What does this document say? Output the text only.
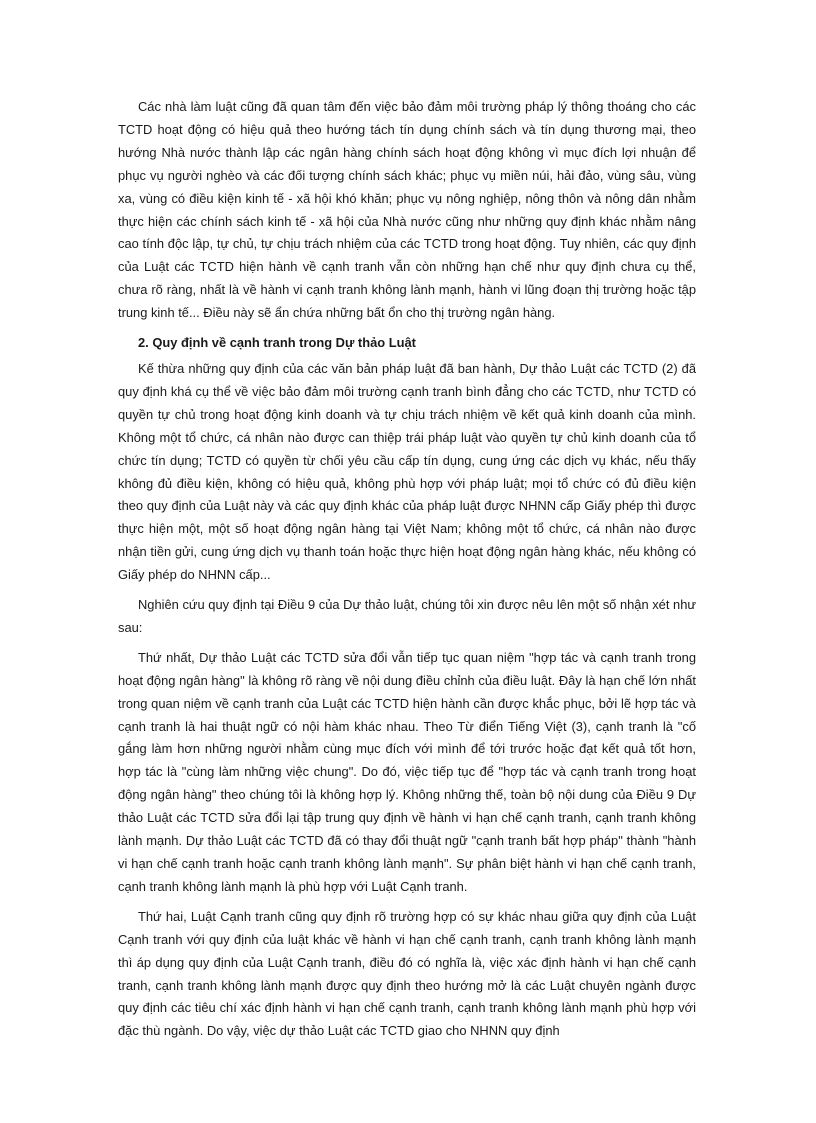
Các nhà làm luật cũng đã quan tâm đến việc bảo đảm môi trường pháp lý thông thoáng cho các TCTD hoạt động có hiệu quả theo hướng tách tín dụng chính sách và tín dụng thương mại, theo hướng Nhà nước thành lập các ngân hàng chính sách hoạt động không vì mục đích lợi nhuận để phục vụ người nghèo và các đối tượng chính sách khác; phục vụ miền núi, hải đảo, vùng sâu, vùng xa, vùng có điều kiện kinh tế - xã hội khó khăn; phục vụ nông nghiệp, nông thôn và nông dân nhằm thực hiện các chính sách kinh tế - xã hội của Nhà nước cũng như những quy định khác nhằm nâng cao tính độc lập, tự chủ, tự chịu trách nhiệm của các TCTD trong hoạt động. Tuy nhiên, các quy định của Luật các TCTD hiện hành về cạnh tranh vẫn còn những hạn chế như quy định chưa cụ thể, chưa rõ ràng, nhất là về hành vi cạnh tranh không lành mạnh, hành vi lũng đoạn thị trường hoặc tập trung kinh tế... Điều này sẽ ẩn chứa những bất ổn cho thị trường ngân hàng.

2. Quy định về cạnh tranh trong Dự thảo Luật

Kế thừa những quy định của các văn bản pháp luật đã ban hành, Dự thảo Luật các TCTD (2) đã quy định khá cụ thể về việc bảo đảm môi trường cạnh tranh bình đẳng cho các TCTD, như TCTD có quyền tự chủ trong hoạt động kinh doanh và tự chịu trách nhiệm về kết quả kinh doanh của mình. Không một tổ chức, cá nhân nào được can thiệp trái pháp luật vào quyền tự chủ kinh doanh của tổ chức tín dụng; TCTD có quyền từ chối yêu cầu cấp tín dụng, cung ứng các dịch vụ khác, nếu thấy không đủ điều kiện, không có hiệu quả, không phù hợp với pháp luật; mọi tổ chức có đủ điều kiện theo quy định của Luật này và các quy định khác của pháp luật được NHNN cấp Giấy phép thì được thực hiện một, một số hoạt động ngân hàng tại Việt Nam; không một tổ chức, cá nhân nào được nhận tiền gửi, cung ứng dịch vụ thanh toán hoặc thực hiện hoạt động ngân hàng khác, nếu không có Giấy phép do NHNN cấp...

Nghiên cứu quy định tại Điều 9 của Dự thảo luật, chúng tôi xin được nêu lên một số nhận xét như sau:

Thứ nhất, Dự thảo Luật các TCTD sửa đổi vẫn tiếp tục quan niệm "hợp tác và cạnh tranh trong hoạt động ngân hàng" là không rõ ràng về nội dung điều chỉnh của điều luật. Đây là hạn chế lớn nhất trong quan niệm về cạnh tranh của Luật các TCTD hiện hành cần được khắc phục, bởi lẽ hợp tác và cạnh tranh là hai thuật ngữ có nội hàm khác nhau. Theo Từ điển Tiếng Việt (3), cạnh tranh là "cố gắng làm hơn những người nhằm cùng mục đích với mình để tới trước hoặc đạt kết quả tốt hơn, hợp tác là "cùng làm những việc chung". Do đó, việc tiếp tục để "hợp tác và cạnh tranh trong hoạt động ngân hàng" theo chúng tôi là không hợp lý. Không những thế, toàn bộ nội dung của Điều 9 Dự thảo Luật các TCTD sửa đổi lại tập trung quy định về hành vi hạn chế cạnh tranh, cạnh tranh không lành mạnh. Dự thảo Luật các TCTD đã có thay đổi thuật ngữ "cạnh tranh bất hợp pháp" thành "hành vi hạn chế cạnh tranh hoặc cạnh tranh không lành mạnh". Sự phân biệt hành vi hạn chế cạnh tranh, cạnh tranh không lành mạnh là phù hợp với Luật Cạnh tranh.

Thứ hai, Luật Cạnh tranh cũng quy định rõ trường hợp có sự khác nhau giữa quy định của Luật Cạnh tranh với quy định của luật khác về hành vi hạn chế cạnh tranh, cạnh tranh không lành mạnh thì áp dụng quy định của Luật Cạnh tranh, điều đó có nghĩa là, việc xác định hành vi hạn chế cạnh tranh, cạnh tranh không lành mạnh được quy định theo hướng mở là các Luật chuyên ngành được quy định các tiêu chí xác định hành vi hạn chế cạnh tranh, cạnh tranh không lành mạnh phù hợp với đặc thù ngành. Do vậy, việc dự thảo Luật các TCTD giao cho NHNN quy định
